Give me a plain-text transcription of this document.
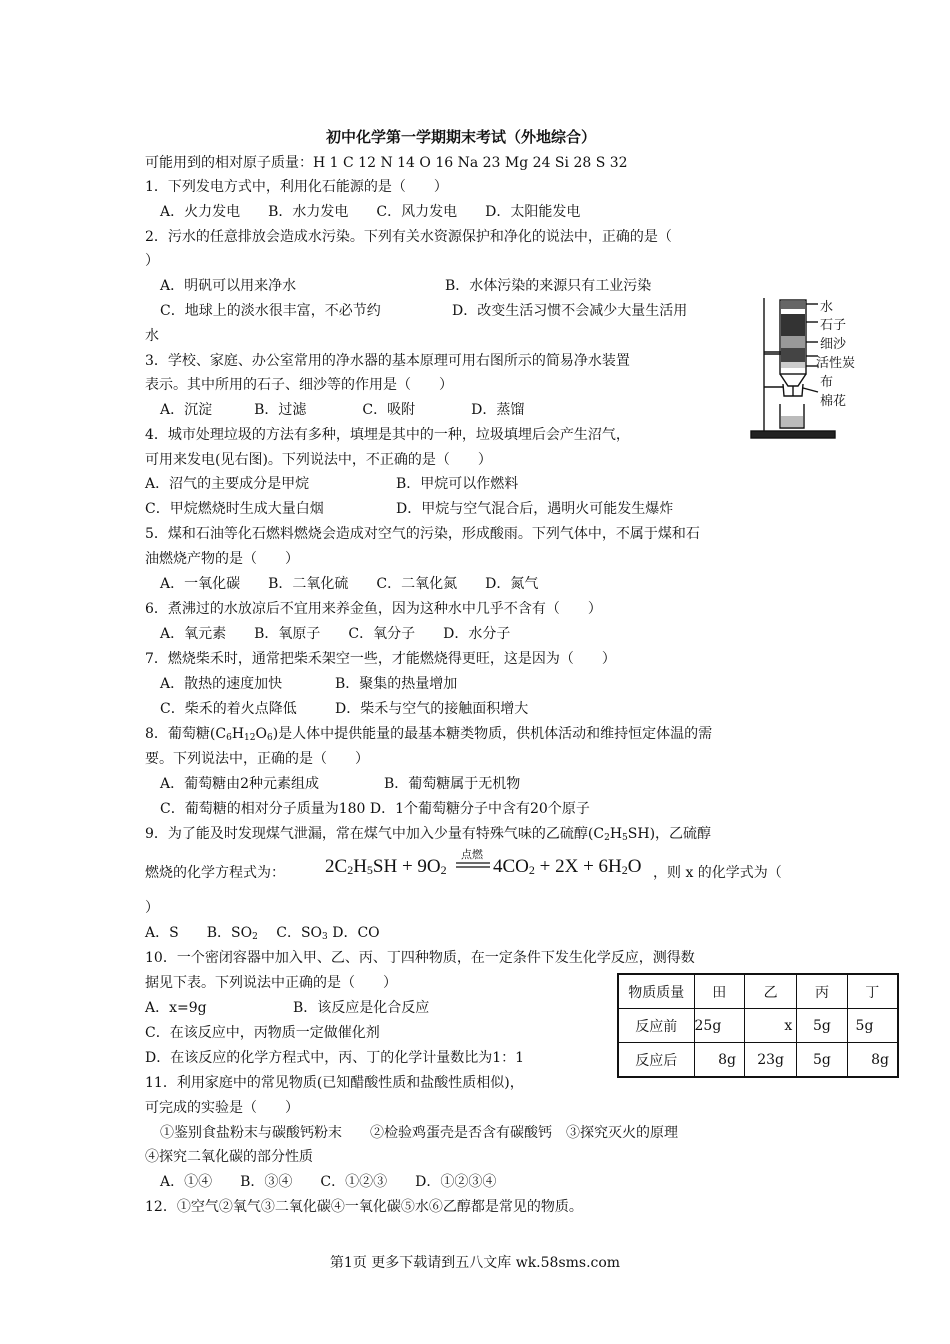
初中化学第一学期期末考试（外地综合）
可能用到的相对原子质量：H 1 C 12 N 14 O 16 Na 23 Mg 24 Si 28 S 32
1．下列发电方式中，利用化石能源的是（　　）
A．火力发电　　B．水力发电　　C．风力发电　　D．太阳能发电
2．污水的任意排放会造成水污染。下列有关水资源保护和净化的说法中，正确的是（
）
A．明矾可以用来净水	B．水体污染的来源只有工业污染
C．地球上的淡水很丰富，不必节约	D．改变生活习惯不会减少大量生活用
水
水
石子
细沙
活性炭
布
棉花
3．学校、家庭、办公室常用的净水器的基本原理可用右图所示的简易净水装置
表示。其中所用的石子、细沙等的作用是（　　）
A．沉淀　　　B．过滤　　　　C．吸附　　　　D．蒸馏
4．城市处理垃圾的方法有多种，填埋是其中的一种，垃圾填埋后会产生沼气，
可用来发电(见右图)。下列说法中，不正确的是（　　）
A．沼气的主要成分是甲烷	B．甲烷可以作燃料
C．甲烷燃烧时生成大量白烟	D．甲烷与空气混合后，遇明火可能发生爆炸
5．煤和石油等化石燃料燃烧会造成对空气的污染，形成酸雨。下列气体中，不属于煤和石
油燃烧产物的是（　　）
A．一氧化碳　　B．二氧化硫　　C．二氧化氮　　D．氮气
6．煮沸过的水放凉后不宜用来养金鱼，因为这种水中几乎不含有（　　）
A．氧元素　　B．氧原子　　C．氧分子　　D．水分子
7．燃烧柴禾时，通常把柴禾架空一些，才能燃烧得更旺，这是因为（　　）
A．散热的速度加快	B．聚集的热量增加
C．柴禾的着火点降低	D．柴禾与空气的接触面积增大
8．葡萄糖$(C_6H_{12}O_6)$是人体中提供能量的最基本糖类物质，供机体活动和维持恒定体温的需
要。下列说法中，正确的是（　　）
A．葡萄糖由2种元素组成	B．葡萄糖属于无机物
C．葡萄糖的相对分子质量为180 D．1个葡萄糖分子中含有20个原子
9．为了能及时发现煤气泄漏，常在煤气中加入少量有特殊气味的乙硫醇$(C_2H_5SH)$，乙硫醇
燃烧的化学方程式为： $2C_2H_5SH + 9O_2$
点燃
$4CO_2 + 2X + 6H_2O$ ，则 x 的化学式为（
）
A．S　　 B．$SO_2$　 C．$SO_3$ D．CO
10．一个密闭容器中加入甲、乙、丙、丁四种物质，在一定条件下发生化学反应，测得数
据见下表。下列说法中正确的是（　　）
A．x=9g	B．该反应是化合反应
C．在该反应中，丙物质一定做催化剂
D．在该反应的化学方程式中，丙、丁的化学计量数比为1：1
物质质量	田	乙	丙	丁
反应前	25g	x	5g	5g
反应后	8g	23g	5g	8g
11．利用家庭中的常见物质(已知醋酸性质和盐酸性质相似)，
可完成的实验是（　　）
①鉴别食盐粉末与碳酸钙粉末　　②检验鸡蛋壳是否含有碳酸钙　③探究灭火的原理
④探究二氧化碳的部分性质
A．①④　　B．③④　　C．①②③　　D．①②③④
12．①空气②氧气③二氧化碳④一氧化碳⑤水⑥乙醇都是常见的物质。
第1页 更多下载请到五八文库 wk.58sms.com
